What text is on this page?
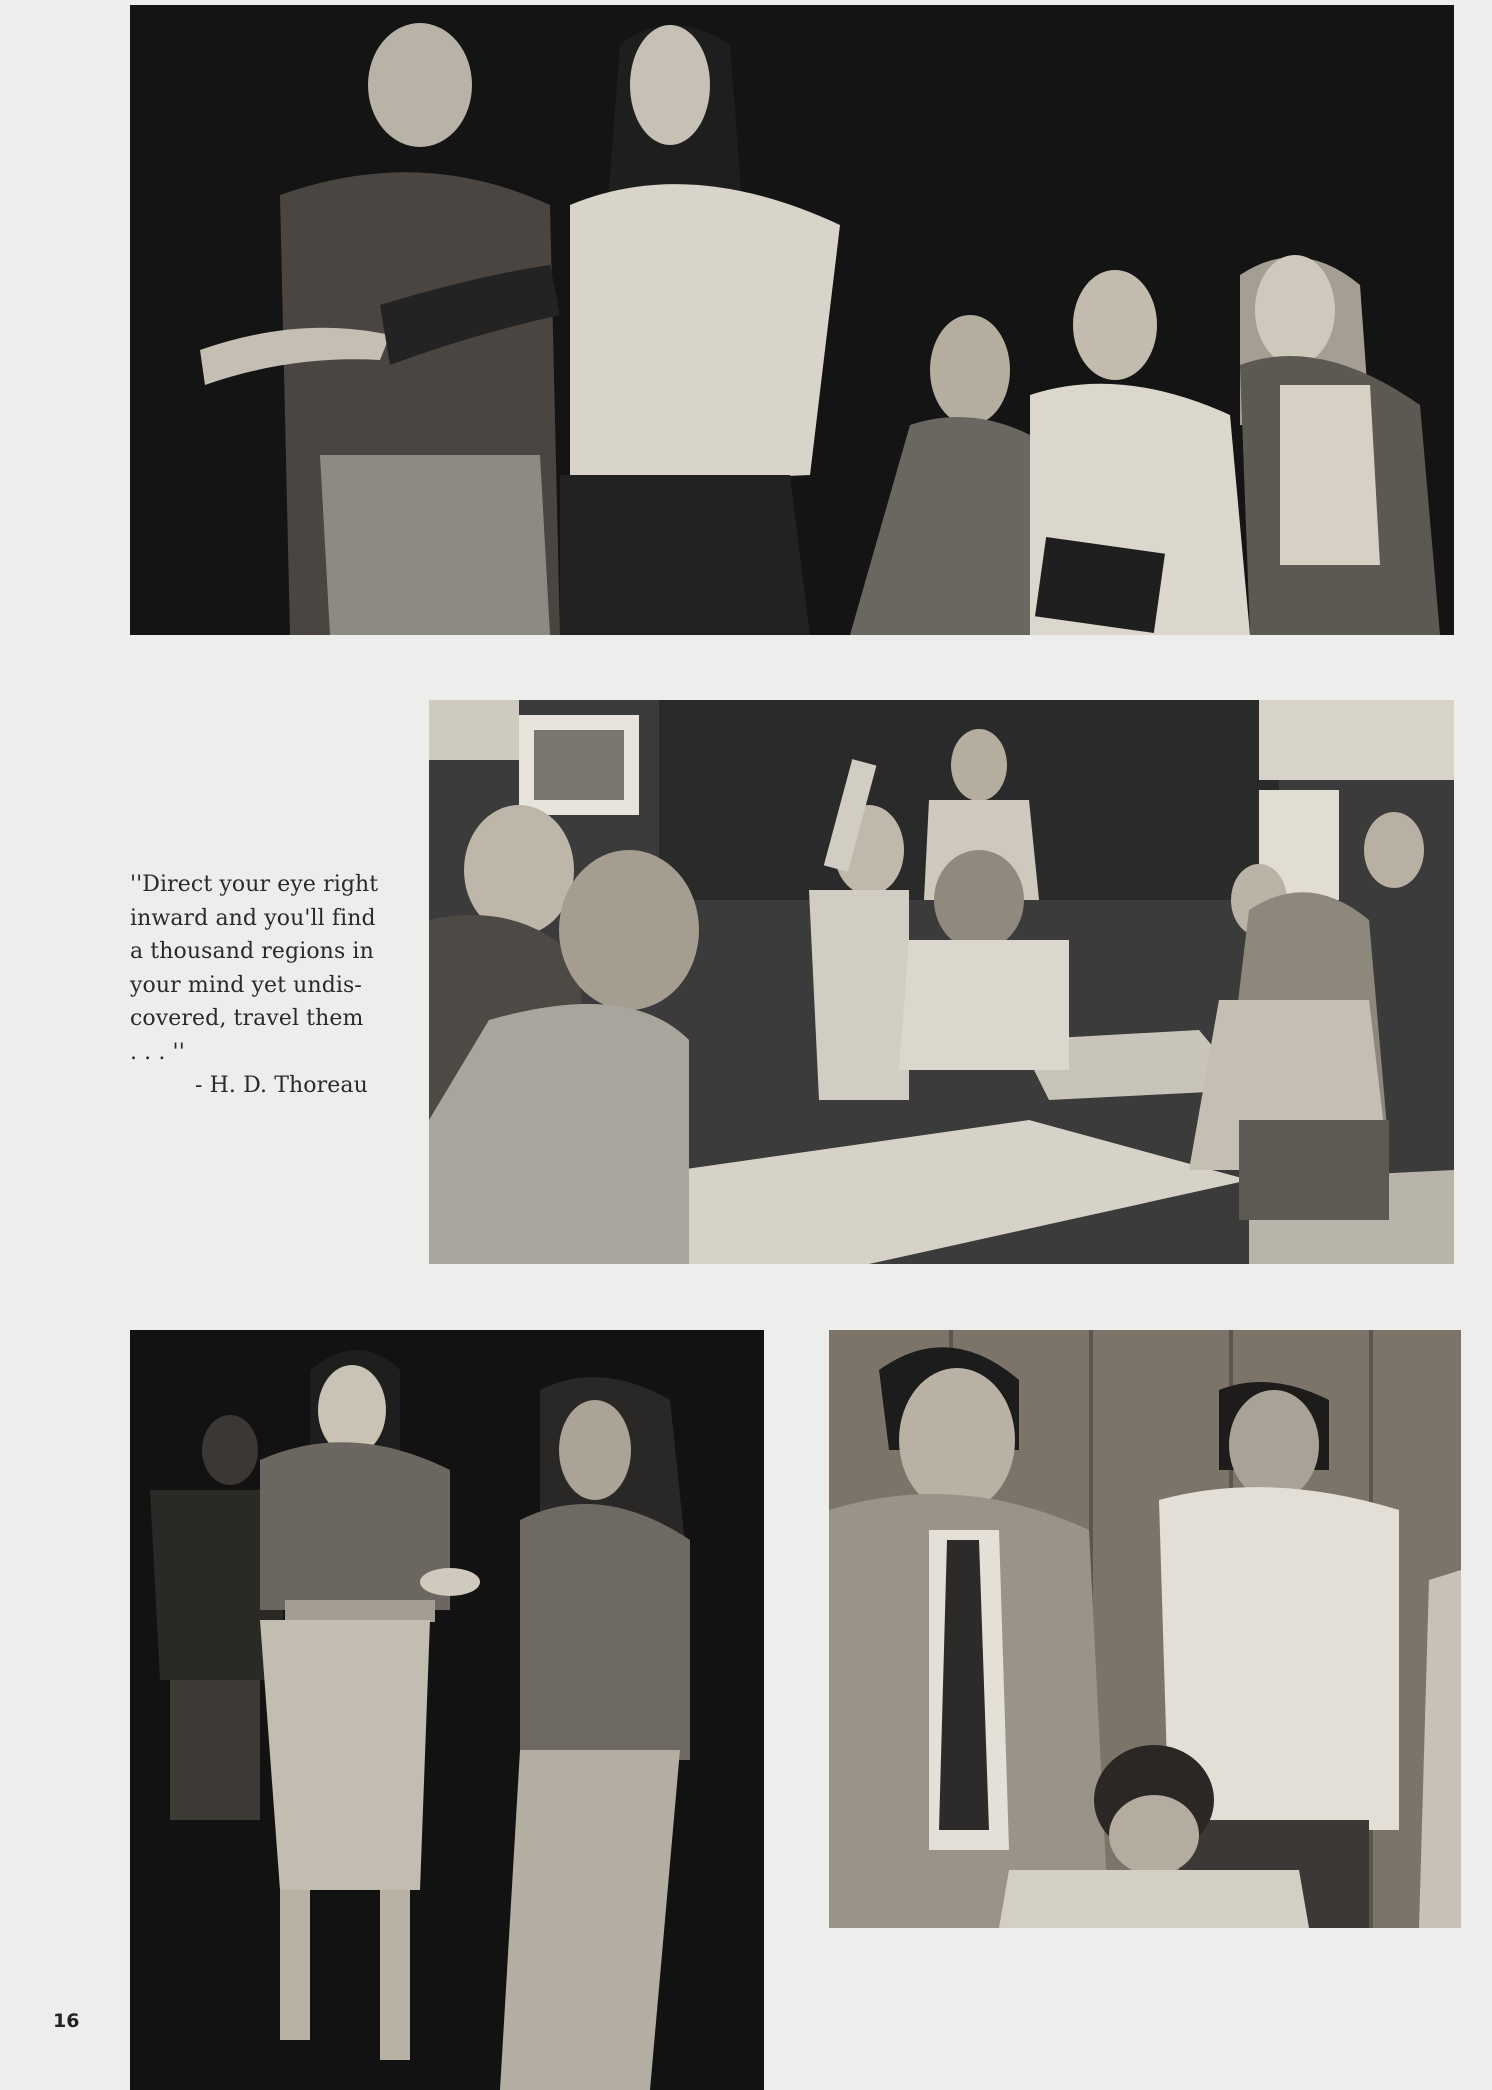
''Direct your eye right
inward and you'll find
a thousand regions in
your mind yet undis-
covered, travel them
. . . ''
- H. D. Thoreau
16
